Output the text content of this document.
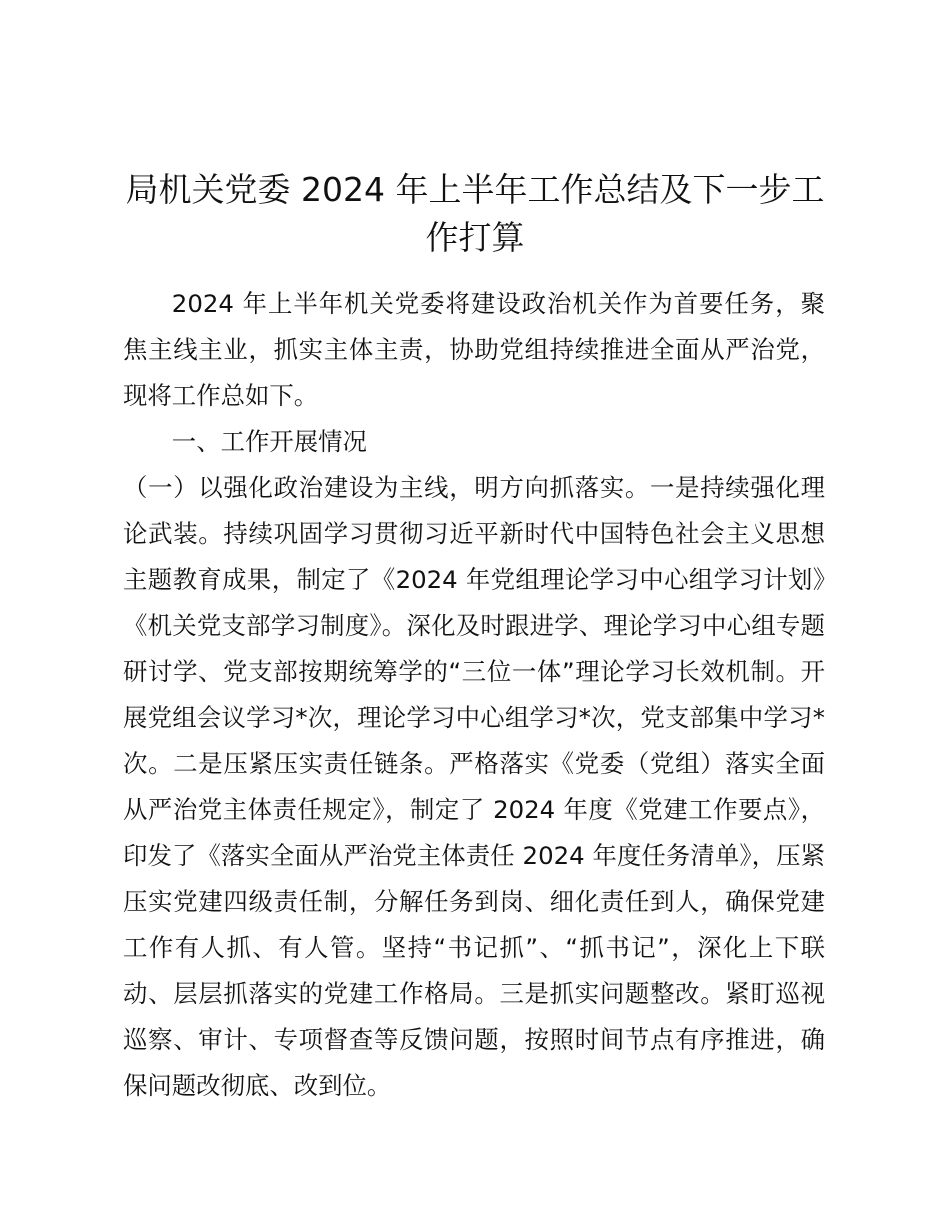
局机关党委 2024 年上半年工作总结及下一步工作打算

2024 年上半年机关党委将建设政治机关作为首要任务，聚焦主线主业，抓实主体主责，协助党组持续推进全面从严治党，现将工作总如下。

一、工作开展情况

（一）以强化政治建设为主线，明方向抓落实。一是持续强化理论武装。持续巩固学习贯彻习近平新时代中国特色社会主义思想主题教育成果，制定了《2024 年党组理论学习中心组学习计划》《机关党支部学习制度》。深化及时跟进学、理论学习中心组专题研讨学、党支部按期统筹学的“三位一体”理论学习长效机制。开展党组会议学习*次，理论学习中心组学习*次，党支部集中学习*次。二是压紧压实责任链条。严格落实《党委（党组）落实全面从严治党主体责任规定》，制定了 2024 年度《党建工作要点》，印发了《落实全面从严治党主体责任 2024 年度任务清单》，压紧压实党建四级责任制，分解任务到岗、细化责任到人，确保党建工作有人抓、有人管。坚持“书记抓”、“抓书记”，深化上下联动、层层抓落实的党建工作格局。三是抓实问题整改。紧盯巡视巡察、审计、专项督查等反馈问题，按照时间节点有序推进，确保问题改彻底、改到位。
